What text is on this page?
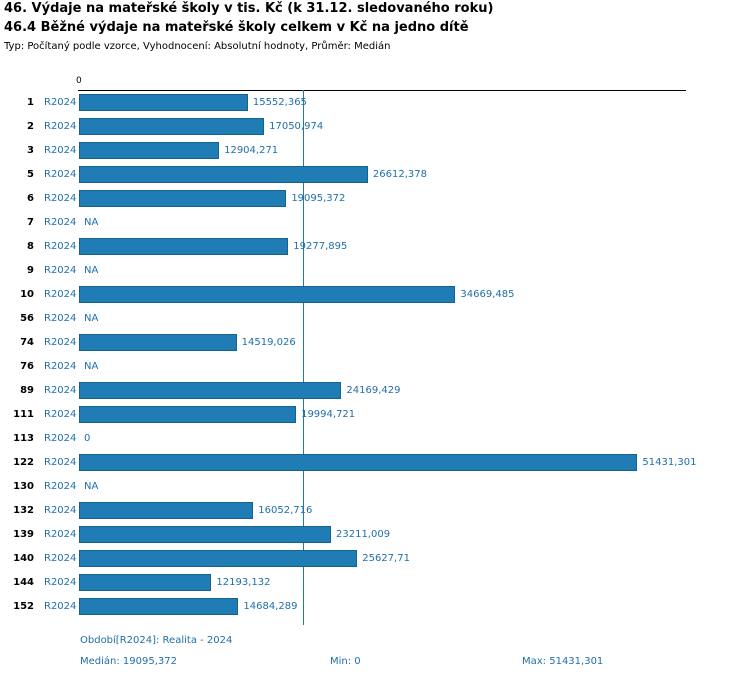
46. Výdaje na mateřské školy v tis. Kč (k 31.12. sledovaného roku)
46.4 Běžné výdaje na mateřské školy celkem v Kč na jedno dítě
Typ: Počítaný podle vzorce, Vyhodnocení: Absolutní hodnoty, Průměr: Medián
0
1 R2024	15552,365
2 R2024	17050,974
3 R2024	12904,271
5 R2024	26612,378
6 R2024	19095,372
7 R2024 NA
8 R2024	19277,895
9 R2024 NA
10 R2024	34669,485
56 R2024 NA
74 R2024	14519,026
76 R2024 NA
89 R2024	24169,429
111 R2024	19994,721
113 R2024 0
122 R2024	51431,301
130 R2024 NA
132 R2024	16052,716
139 R2024	23211,009
140 R2024	25627,71
144 R2024	12193,132
152 R2024	14684,289
Období[R2024]: Realita - 2024
Medián: 19095,372	Min: 0	Max: 51431,301
